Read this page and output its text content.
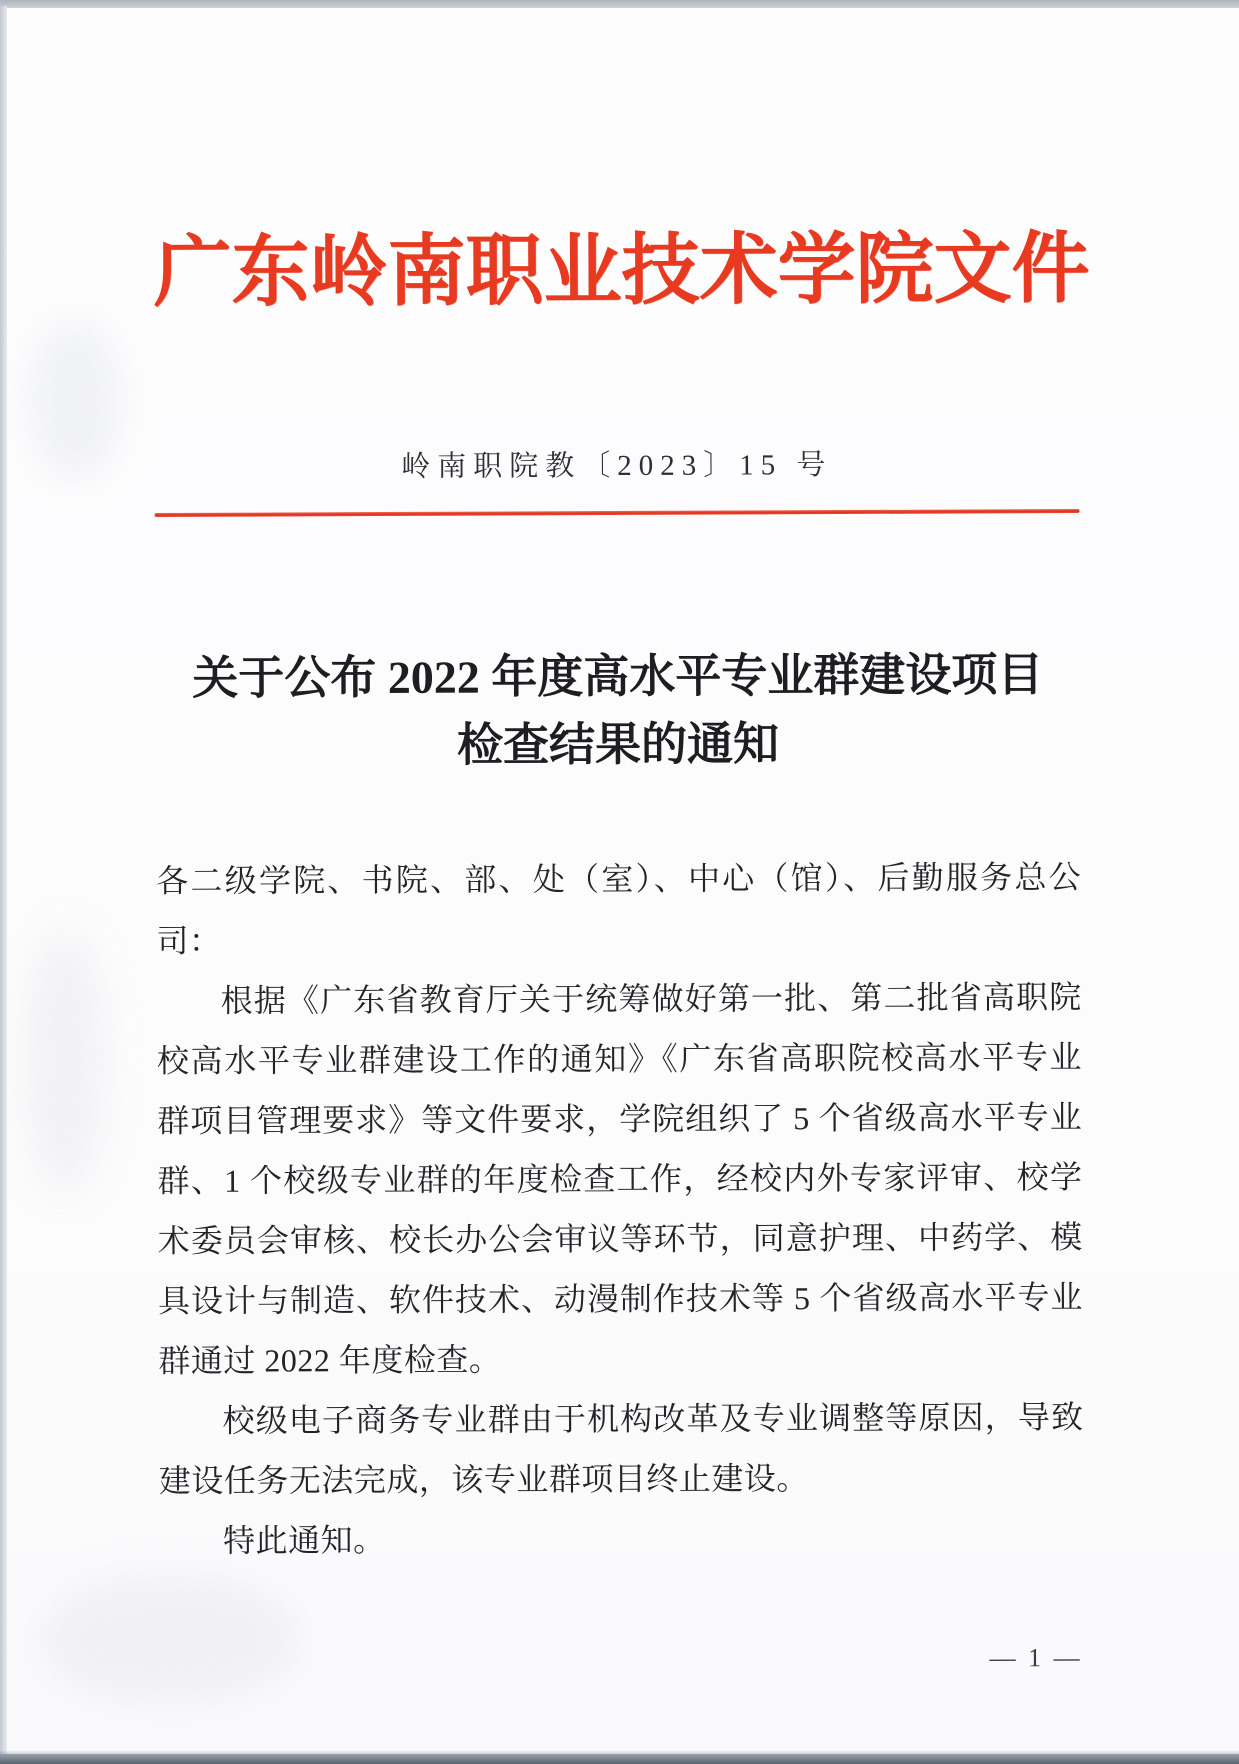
广东岭南职业技术学院文件
岭南职院教〔2023〕15 号
关于公布 2022 年度高水平专业群建设项目
检查结果的通知

各二级学院、书院、部、处（室）、中心（馆）、后勤服务总公

司：

根据《广东省教育厅关于统筹做好第一批、第二批省高职院

校高水平专业群建设工作的通知》《广东省高职院校高水平专业

群项目管理要求》等文件要求，学院组织了 5 个省级高水平专业

群、1 个校级专业群的年度检查工作，经校内外专家评审、校学

术委员会审核、校长办公会审议等环节，同意护理、中药学、模

具设计与制造、软件技术、动漫制作技术等 5 个省级高水平专业

群通过 2022 年度检查。

校级电子商务专业群由于机构改革及专业调整等原因，导致

建设任务无法完成，该专业群项目终止建设。

特此通知。

— 1 —
